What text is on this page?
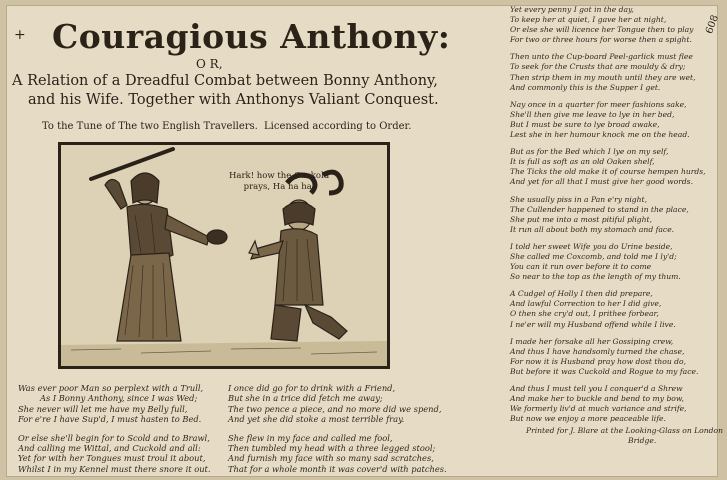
+ Couragious Anthony:
O R,
A Relation of a Dreadful Combat between Bonny Anthony,
and his Wife. Together with Anthonys Valiant Conquest.
To the Tune of The two English Travellers. Licensed according to Order.
Hark! how the Cuckold
prays, Ha ha ha.
608
Was ever poor Man so perplext with a Trull,
As I Bonny Anthony, since I was Wed;
She never will let me have my Belly full,
For e're I have Sup'd, I must hasten to Bed.
Or else she'll begin for to Scold and to Brawl,
And calling me Wittal, and Cuckold and all:
Yet for with her Tongues must troul it about,
Whilst I in my Kennel must there snore it out.
I once did go for to drink with a Friend,
But she in a trice did fetch me away;
The two pence a piece, and no more did we spend,
And yet she did stoke a most terrible fray.
She flew in my face and called me fool,
Then tumbled my head with a three legged stool;
And furnish my face with so many sad scratches,
That for a whole month it was cover'd with patches.
Yet every penny I got in the day,
To keep her at quiet, I gave her at night,
Or else she will licence her Tongue then to play
For two or three hours for worse then a spight.
Then unto the Cup-board Peel-garlick must flee
To seek for the Crusts that are mouldy & dry;
Then strip them in my mouth until they are wet,
And commonly this is the Supper I get.
Nay once in a quarter for meer fashions sake,
She'll then give me leave to lye in her bed,
But I must be sure to lye broad awake,
Lest she in her humour knock me on the head.
But as for the Bed which I lye on my self,
It is full as soft as an old Oaken shelf,
The Ticks the old make it of course hempen hurds,
And yet for all that I must give her good words.
She usually piss in a Pan e'ry night,
The Cullender happened to stand in the place,
She put me into a most pitiful plight,
It run all about both my stomach and face.
I told her sweet Wife you do Urine beside,
She called me Coxcomb, and told me I ly'd;
You can it run over before it to come
So near to the top as the length of my thum.
A Cudgel of Holly I then did prepare,
And lawful Correction to her I did give,
O then she cry'd out, I prithee forbear,
I ne'er will my Husband offend while I live.
I made her forsake all her Gossiping crew,
And thus I have handsomly turned the chase,
For now it is Husband pray how dost thou do,
But before it was Cuckold and Rogue to my face.
And thus I must tell you I conquer'd a Shrew
And make her to buckle and bend to my bow,
We formerly liv'd at much variance and strife,
But now we enjoy a more peaceable life.
Printed for J. Blare at the Looking-Glass on London
Bridge.
